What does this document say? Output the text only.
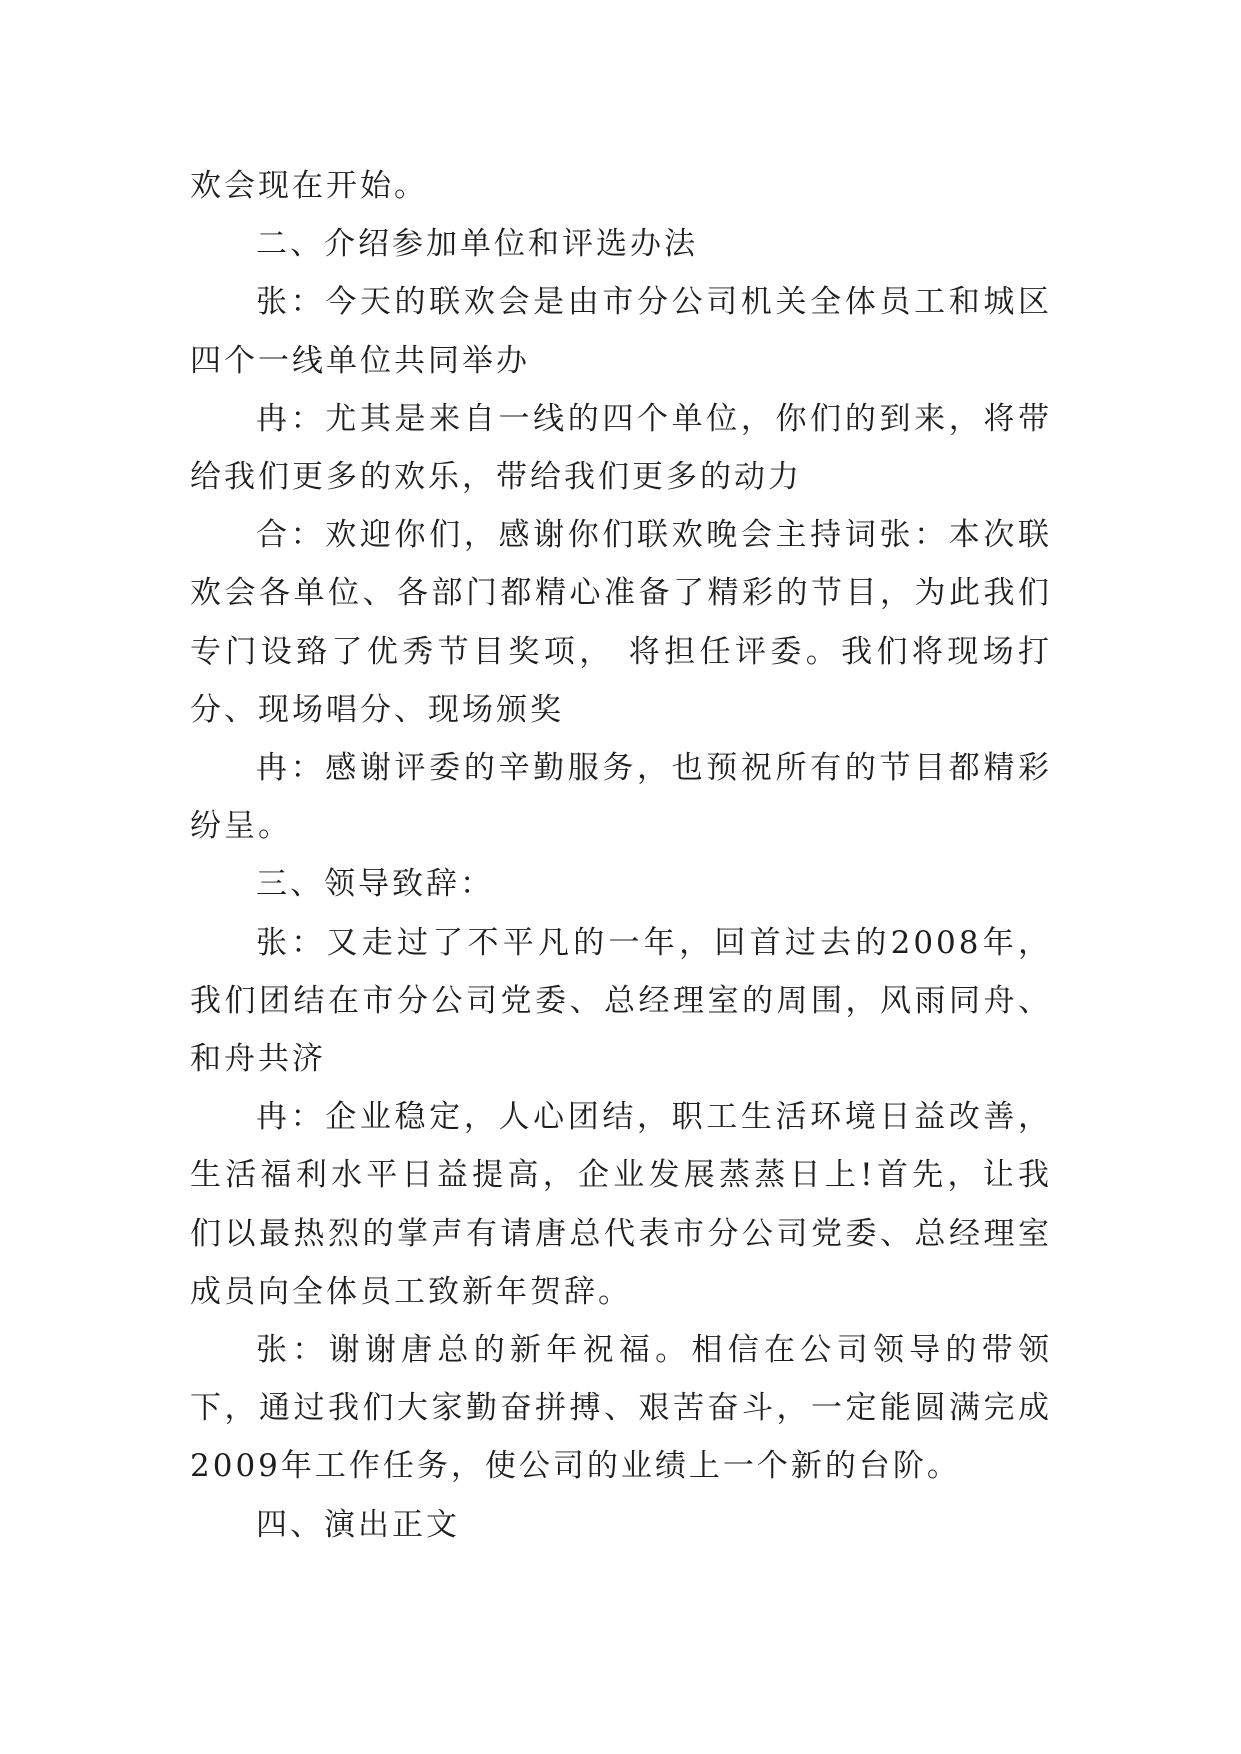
欢会现在开始。

二、介绍参加单位和评选办法

张：今天的联欢会是由市分公司机关全体员工和城区四个一线单位共同举办

冉：尤其是来自一线的四个单位，你们的到来，将带给我们更多的欢乐，带给我们更多的动力

合：欢迎你们，感谢你们联欢晚会主持词张：本次联欢会各单位、各部门都精心准备了精彩的节目，为此我们专门设臵了优秀节目奖项， 将担任评委。我们将现场打分、现场唱分、现场颁奖

冉：感谢评委的辛勤服务，也预祝所有的节目都精彩纷呈。

三、领导致辞：

张：又走过了不平凡的一年，回首过去的2008年，我们团结在市分公司党委、总经理室的周围，风雨同舟、和舟共济

冉：企业稳定，人心团结，职工生活环境日益改善，生活福利水平日益提高，企业发展蒸蒸日上!首先，让我们以最热烈的掌声有请唐总代表市分公司党委、总经理室成员向全体员工致新年贺辞。

张：谢谢唐总的新年祝福。相信在公司领导的带领下，通过我们大家勤奋拼搏、艰苦奋斗，一定能圆满完成2009年工作任务，使公司的业绩上一个新的台阶。

四、演出正文
